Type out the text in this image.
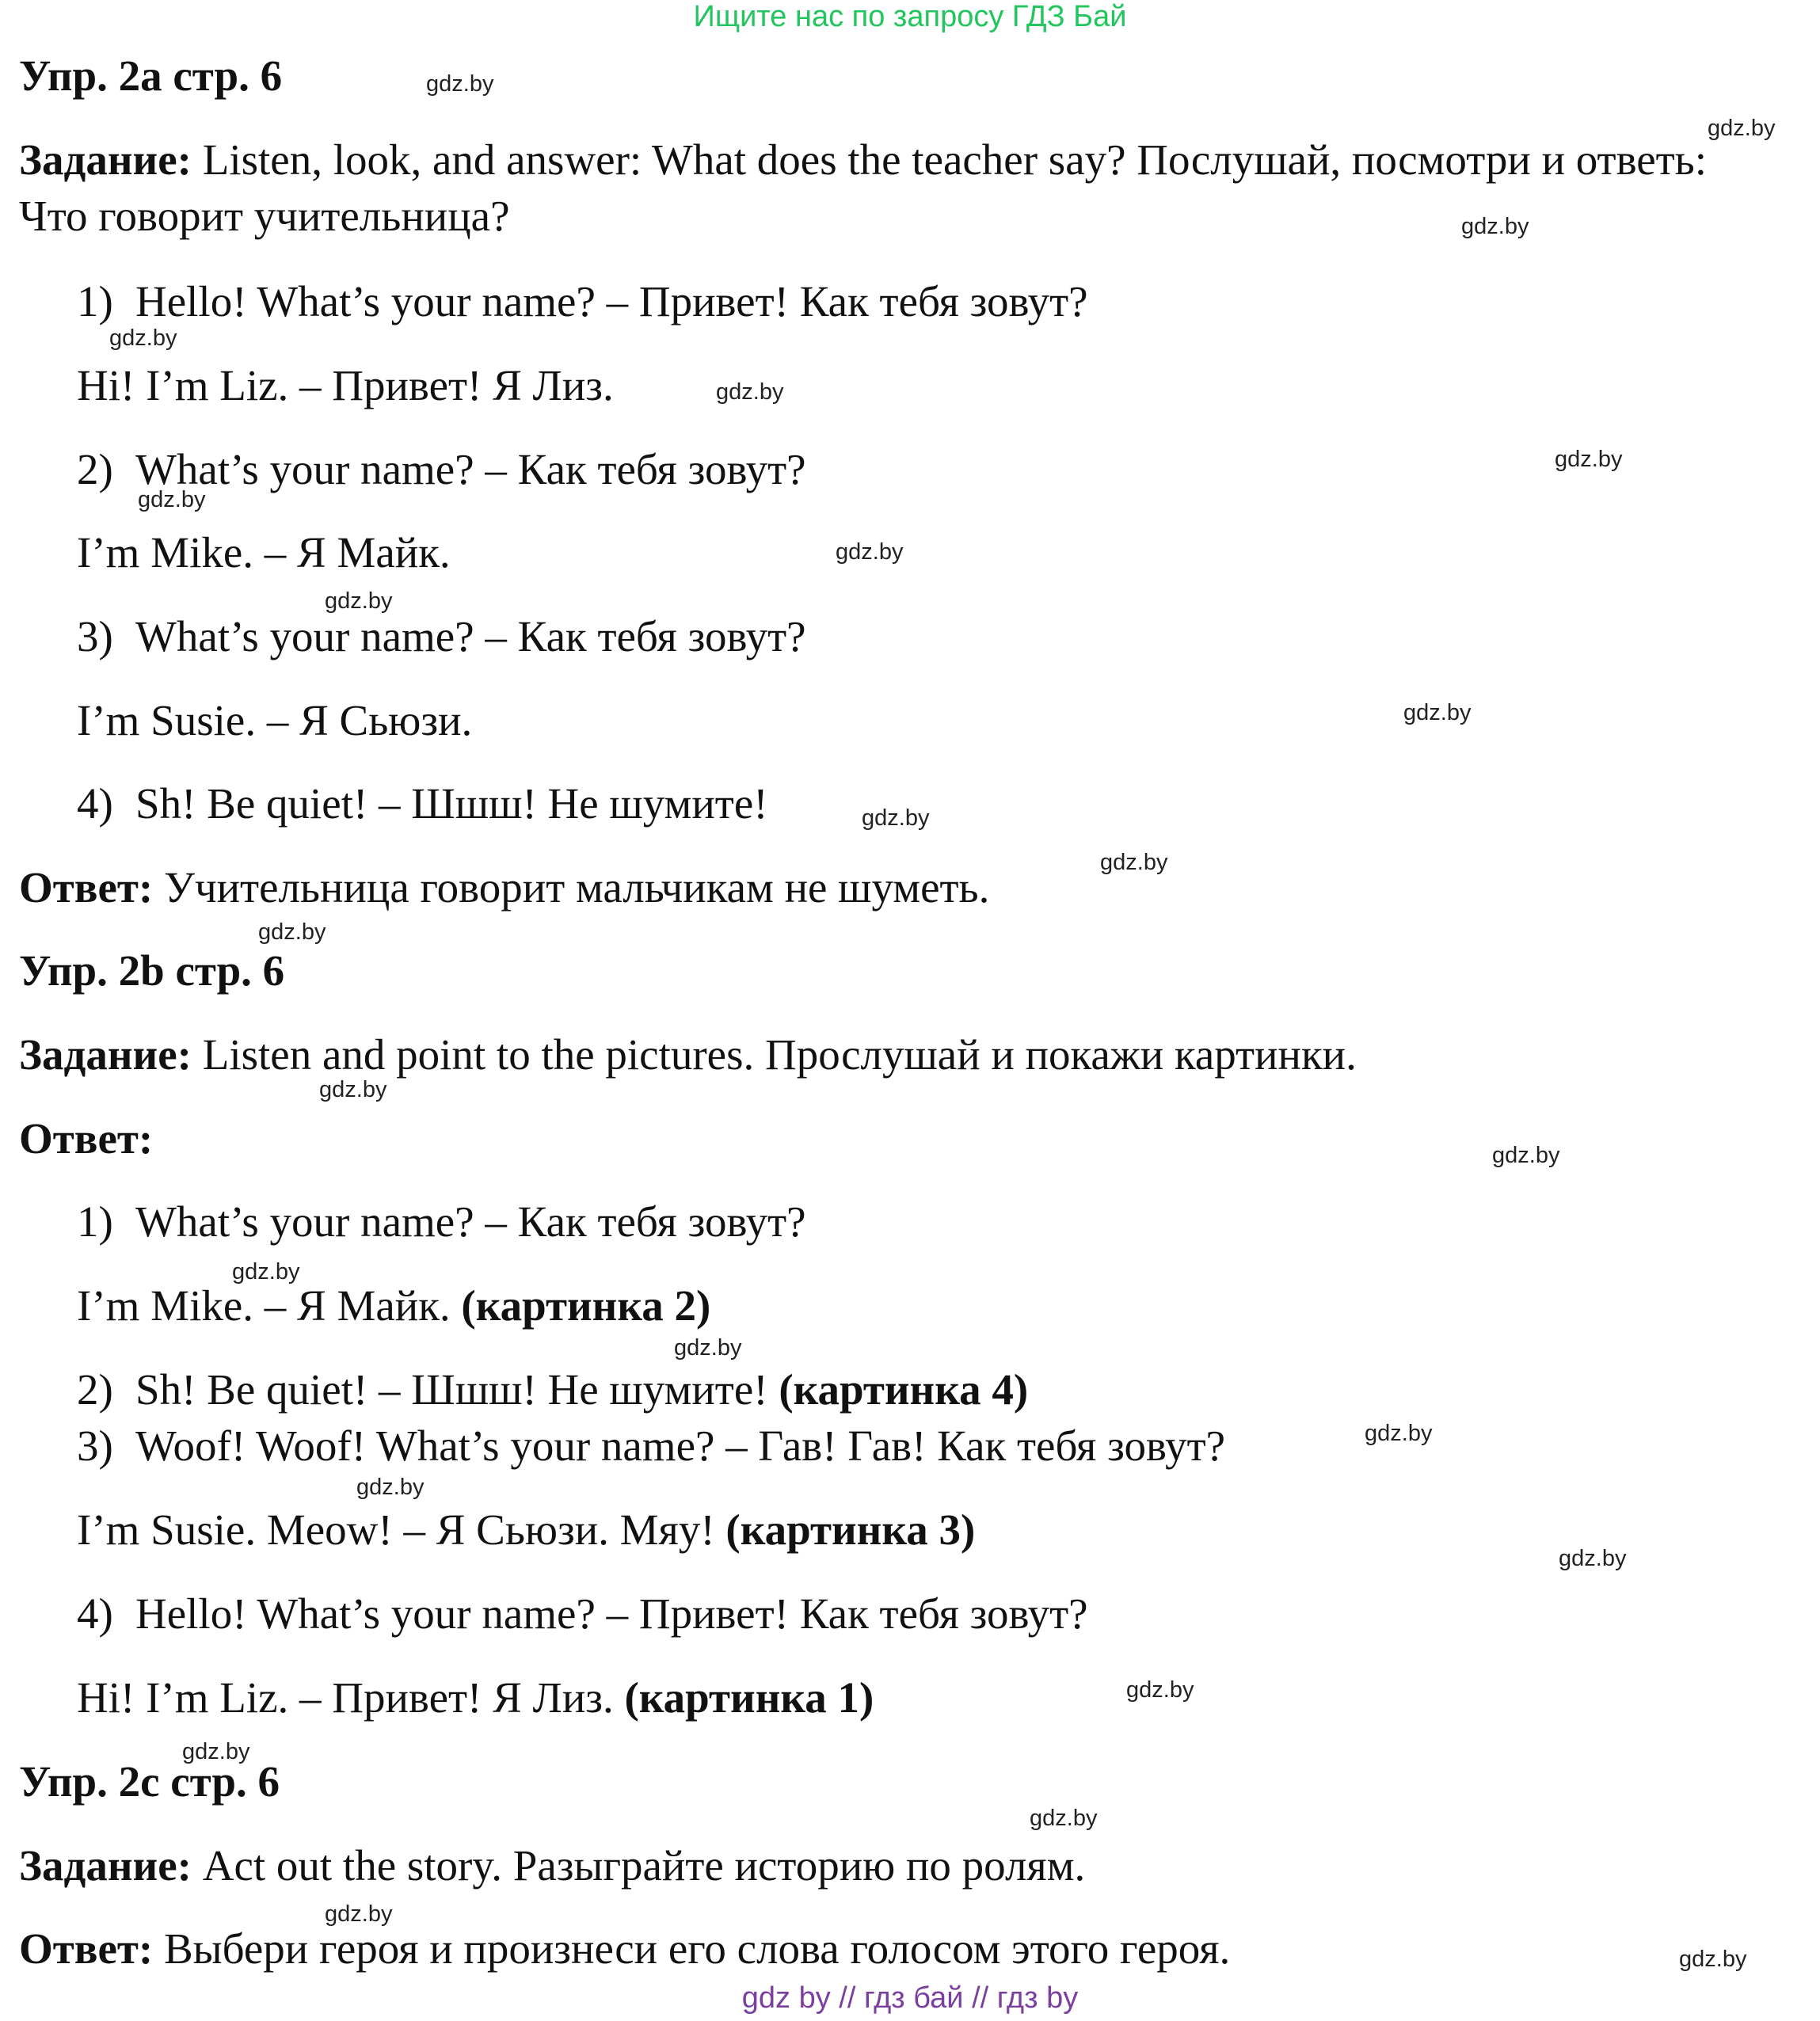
Ищите нас по запросу ГДЗ Бай
Упр. 2а стр. 6
Задание: Listen, look, and answer: What does the teacher say? Послушай, посмотри и ответь:
Что говорит учительница?
1) Hello! What’s your name? – Привет! Как тебя зовут?
Hi! I’m Liz. – Привет! Я Лиз.
2) What’s your name? – Как тебя зовут?
I’m Mike. – Я Майк.
3) What’s your name? – Как тебя зовут?
I’m Susie. – Я Сьюзи.
4) Sh! Be quiet! – Шшш! Не шумите!
Ответ: Учительница говорит мальчикам не шуметь.
Упр. 2b стр. 6
Задание: Listen and point to the pictures. Прослушай и покажи картинки.
Ответ:
1) What’s your name? – Как тебя зовут?
I’m Mike. – Я Майк. (картинка 2)
2) Sh! Be quiet! – Шшш! Не шумите! (картинка 4)
3) Woof! Woof! What’s your name? – Гав! Гав! Как тебя зовут?
I’m Susie. Meow! – Я Сьюзи. Мяу! (картинка 3)
4) Hello! What’s your name? – Привет! Как тебя зовут?
Hi! I’m Liz. – Привет! Я Лиз. (картинка 1)
Упр. 2с стр. 6
Задание: Act out the story. Разыграйте историю по ролям.
Ответ: Выбери героя и произнеси его слова голосом этого героя.
gdz.by
gdz.by
gdz.by
gdz.by
gdz.by
gdz.by
gdz.by
gdz.by
gdz.by
gdz.by
gdz.by
gdz.by
gdz.by
gdz.by
gdz.by
gdz.by
gdz.by
gdz.by
gdz.by
gdz.by
gdz.by
gdz.by
gdz.by
gdz.by
gdz.by
gdz by // гдз бай // гдз by
